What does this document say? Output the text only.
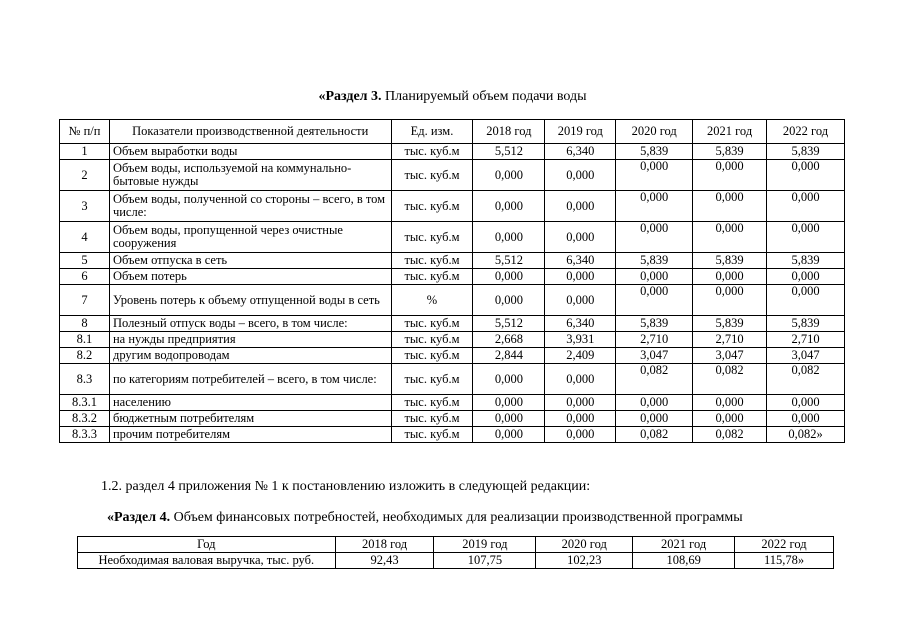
«Раздел 3. Планируемый объем подачи воды
№ п/п	Показатели производственной деятельности	Ед. изм.	2018 год	2019 год	2020 год	2021 год	2022 год
1	Объем выработки воды	тыс. куб.м	5,512	6,340	5,839	5,839	5,839
2	Объем воды, используемой на коммунально-бытовые нужды	тыс. куб.м	0,000	0,000	0,000	0,000	0,000
3	Объем воды, полученной со стороны – всего, в том числе:	тыс. куб.м	0,000	0,000	0,000	0,000	0,000
4	Объем воды, пропущенной через очистные сооружения	тыс. куб.м	0,000	0,000	0,000	0,000	0,000
5	Объем отпуска в сеть	тыс. куб.м	5,512	6,340	5,839	5,839	5,839
6	Объем потерь	тыс. куб.м	0,000	0,000	0,000	0,000	0,000
7	Уровень потерь к объему отпущенной воды в сеть	%	0,000	0,000	0,000	0,000	0,000
8	Полезный отпуск воды – всего, в том числе:	тыс. куб.м	5,512	6,340	5,839	5,839	5,839
8.1	на нужды предприятия	тыс. куб.м	2,668	3,931	2,710	2,710	2,710
8.2	другим водопроводам	тыс. куб.м	2,844	2,409	3,047	3,047	3,047
8.3	по категориям потребителей – всего, в том числе:	тыс. куб.м	0,000	0,000	0,082	0,082	0,082
8.3.1	населению	тыс. куб.м	0,000	0,000	0,000	0,000	0,000
8.3.2	бюджетным потребителям	тыс. куб.м	0,000	0,000	0,000	0,000	0,000
8.3.3	прочим потребителям	тыс. куб.м	0,000	0,000	0,082	0,082	0,082»
1.2. раздел 4 приложения № 1 к постановлению изложить в следующей редакции:
«Раздел 4. Объем финансовых потребностей, необходимых для реализации производственной программы
Год	2018 год	2019 год	2020 год	2021 год	2022 год
Необходимая валовая выручка, тыс. руб.	92,43	107,75	102,23	108,69	115,78»
